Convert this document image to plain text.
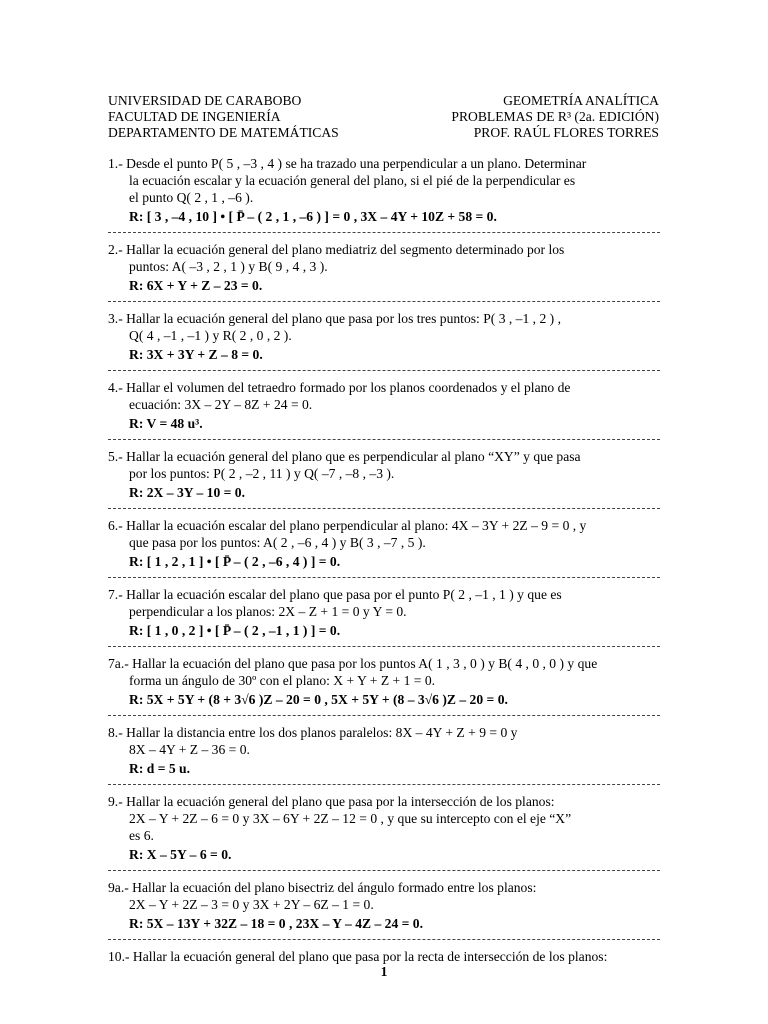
UNIVERSIDAD DE CARABOBO	GEOMETRÍA ANALÍTICA
FACULTAD DE INGENIERÍA	PROBLEMAS DE R³ (2a. EDICIÓN)
DEPARTAMENTO DE MATEMÁTICAS	PROF. RAÚL FLORES TORRES
1.- Desde el punto P( 5 , –3 , 4 ) se ha trazado una perpendicular a un plano. Determinar
la ecuación escalar y la ecuación general del plano, si el pié de la perpendicular es
el punto Q( 2 , 1 , –6 ).
R: [ 3 , –4 , 10 ] • [ P̄ – ( 2 , 1 , –6 ) ] = 0 , 3X – 4Y + 10Z + 58 = 0.
2.- Hallar la ecuación general del plano mediatriz del segmento determinado por los
puntos: A( –3 , 2 , 1 ) y B( 9 , 4 , 3 ).
R: 6X + Y + Z – 23 = 0.
3.- Hallar la ecuación general del plano que pasa por los tres puntos: P( 3 , –1 , 2 ) ,
Q( 4 , –1 , –1 ) y R( 2 , 0 , 2 ).
R: 3X + 3Y + Z – 8 = 0.
4.- Hallar el volumen del tetraedro formado por los planos coordenados y el plano de
ecuación: 3X – 2Y – 8Z + 24 = 0.
R: V = 48 u³.
5.- Hallar la ecuación general del plano que es perpendicular al plano “XY” y que pasa
por los puntos: P( 2 , –2 , 11 ) y Q( –7 , –8 , –3 ).
R: 2X – 3Y – 10 = 0.
6.- Hallar la ecuación escalar del plano perpendicular al plano: 4X – 3Y + 2Z – 9 = 0 , y
que pasa por los puntos: A( 2 , –6 , 4 ) y B( 3 , –7 , 5 ).
R: [ 1 , 2 , 1 ] • [ P̄ – ( 2 , –6 , 4 ) ] = 0.
7.- Hallar la ecuación escalar del plano que pasa por el punto P( 2 , –1 , 1 ) y que es
perpendicular a los planos: 2X – Z + 1 = 0 y Y = 0.
R: [ 1 , 0 , 2 ] • [ P̄ – ( 2 , –1 , 1 ) ] = 0.
7a.- Hallar la ecuación del plano que pasa por los puntos A( 1 , 3 , 0 ) y B( 4 , 0 , 0 ) y que
forma un ángulo de 30º con el plano: X + Y + Z + 1 = 0.
R: 5X + 5Y + (8 + 3√6 )Z – 20 = 0 , 5X + 5Y + (8 – 3√6 )Z – 20 = 0.
8.- Hallar la distancia entre los dos planos paralelos: 8X – 4Y + Z + 9 = 0 y
8X – 4Y + Z – 36 = 0.
R: d = 5 u.
9.- Hallar la ecuación general del plano que pasa por la intersección de los planos:
2X – Y + 2Z – 6 = 0 y 3X – 6Y + 2Z – 12 = 0 , y que su intercepto con el eje “X”
es 6.
R: X – 5Y – 6 = 0.
9a.- Hallar la ecuación del plano bisectriz del ángulo formado entre los planos:
2X – Y + 2Z – 3 = 0 y 3X + 2Y – 6Z – 1 = 0.
R: 5X – 13Y + 32Z – 18 = 0 , 23X – Y – 4Z – 24 = 0.
10.- Hallar la ecuación general del plano que pasa por la recta de intersección de los planos:
1
